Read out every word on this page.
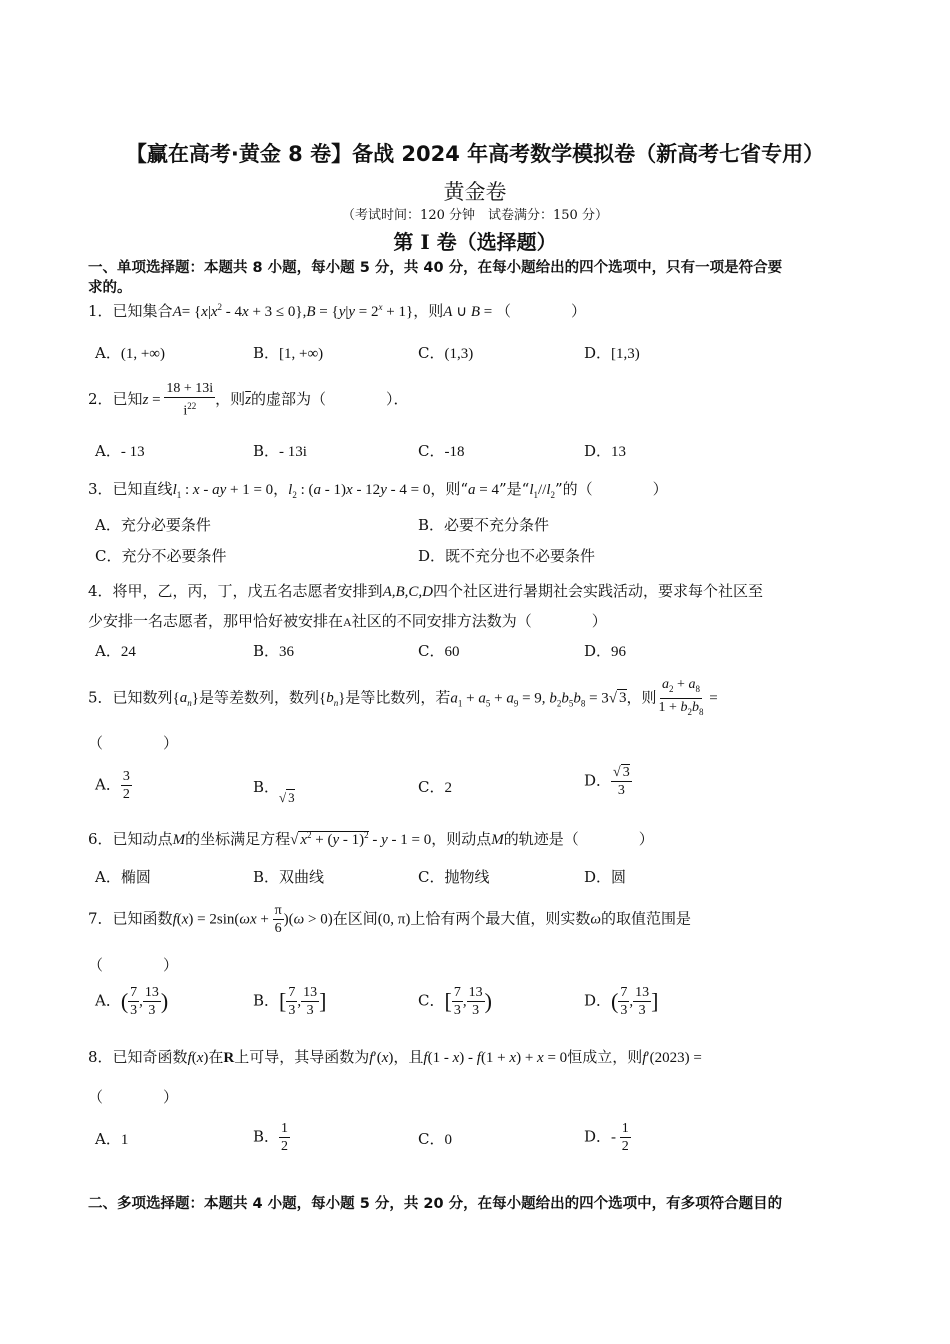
【赢在高考·黄金 8 卷】备战 2024 年高考数学模拟卷（新高考七省专用）
黄金卷
（考试时间：120 分钟　试卷满分：150 分）
第 I 卷（选择题）
一、单项选择题：本题共 8 小题，每小题 5 分，共 40 分，在每小题给出的四个选项中，只有一项是符合要
求的。
1．已知集合$A= \{x|x^2 - 4x + 3 \le 0\},B = \{y|y = 2^x + 1\}$，则A ∪ B = （　　　　）
A．(1, +∞)	B．[1, +∞)	C．(1,3)	D．[1,3)
2．已知$z = \frac{18 + 13i}{i^{22}}$ ，则$\overline{z}$的虚部为（　　　　）．
A．- 13	B．- 13i	C．-18	D．13
3．已知直线$l_1$ : x - ay + 1 = 0，$l_2$ : (a - 1)x - 12y - 4 = 0，则“a = 4”是“$l_1//l_2$”的（　　　　）
A．充分必要条件	B．必要不充分条件
C．充分不必要条件	D．既不充分也不必要条件
4．将甲，乙，丙，丁，戊五名志愿者安排到A,B,C,D四个社区进行暑期社会实践活动，要求每个社区至
少安排一名志愿者，那甲恰好被安排在A社区的不同安排方法数为（　　　　）
A．24	B．36	C．60	D．96
5．已知数列$\{a_n\}$是等差数列，数列$\{b_n\}$是等比数列，若$a_1 + a_5 + a_9 = 9$, $b_2b_5b_8 = 3√$ 3，则 $\frac{a_2 + a_8}{1 + b_2b_8}$ =
（　　　　）
A． $\frac{3}{2}$	B．√ 3
C．2	D． $\frac{√ 3}{3}$
6．已知动点M的坐标满足方程√ $x^2 + (y - 1)^2 - y - 1 = 0$，则动点M的轨迹是（　　　　）
A．椭圆	B．双曲线	C．抛物线	D．圆
7．已知函数$f(x) = 2\sin(\omega x + \frac{\pi}{6} )(\omega > 0)$在区间(0, π)上恰有两个最大值，则实数ω的取值范围是
（　　　　）
A．( $\frac{7}{3}$ , $\frac{13}{3}$ )	B．[ $\frac{7}{3}$ , $\frac{13}{3}$ ]	C．[ $\frac{7}{3}$ , $\frac{13}{3}$ )	D．( $\frac{7}{3}$ , $\frac{13}{3}$ ]
8．已知奇函数f(x)在R上可导，其导函数为f′(x)，且f(1 - x) - f(1 + x) + x = 0恒成立，则f′(2023) =
（　　　　）
A．1	B． $\frac{1}{2}$	C．0	D．- $\frac{1}{2}$
二、多项选择题：本题共 4 小题，每小题 5 分，共 20 分，在每小题给出的四个选项中，有多项符合题目的
